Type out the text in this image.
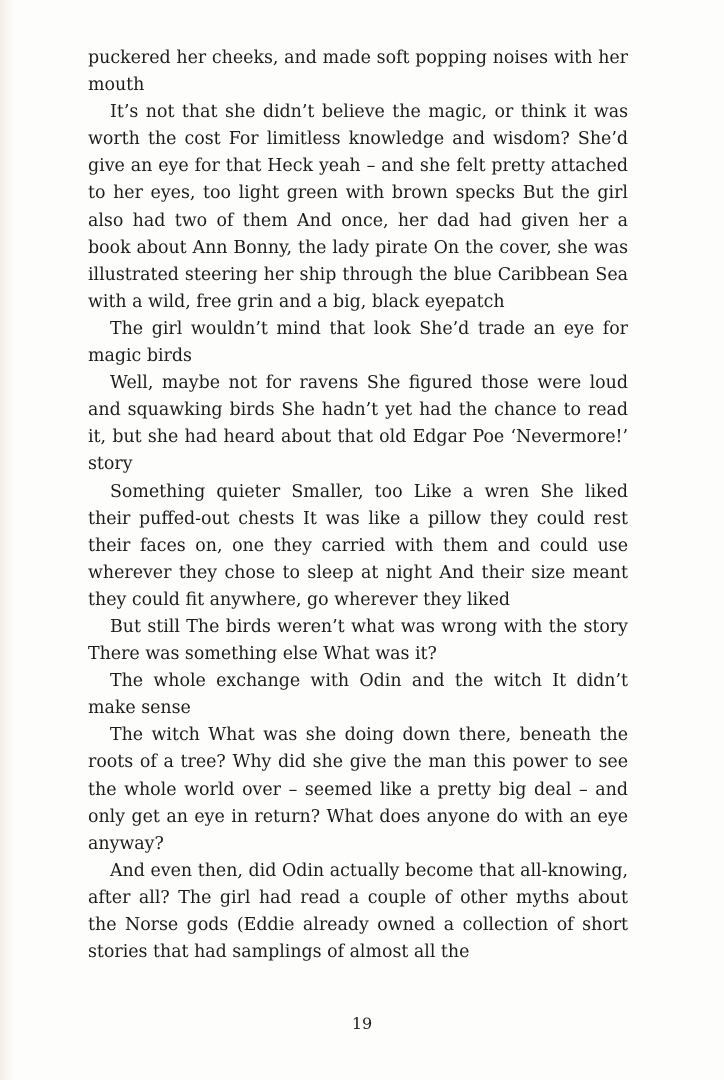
puckered her cheeks, and made soft popping noises with her mouth

It’s not that she didn’t believe the magic, or think it was worth the cost For limitless knowledge and wisdom? She’d give an eye for that Heck yeah – and she felt pretty attached to her eyes, too light green with brown specks But the girl also had two of them And once, her dad had given her a book about Ann Bonny, the lady pirate On the cover, she was illustrated steering her ship through the blue Caribbean Sea with a wild, free grin and a big, black eyepatch

The girl wouldn’t mind that look She’d trade an eye for magic birds

Well, maybe not for ravens She figured those were loud and squawking birds She hadn’t yet had the chance to read it, but she had heard about that old Edgar Poe ‘Nevermore!’ story

Something quieter Smaller, too Like a wren She liked their puffed-out chests It was like a pillow they could rest their faces on, one they carried with them and could use wherever they chose to sleep at night And their size meant they could fit anywhere, go wherever they liked

But still The birds weren’t what was wrong with the story There was something else What was it?

The whole exchange with Odin and the witch It didn’t make sense

The witch What was she doing down there, beneath the roots of a tree? Why did she give the man this power to see the whole world over – seemed like a pretty big deal – and only get an eye in return? What does anyone do with an eye anyway?

And even then, did Odin actually become that all-knowing, after all? The girl had read a couple of other myths about the Norse gods (Eddie already owned a collection of short stories that had samplings of almost all the

19
